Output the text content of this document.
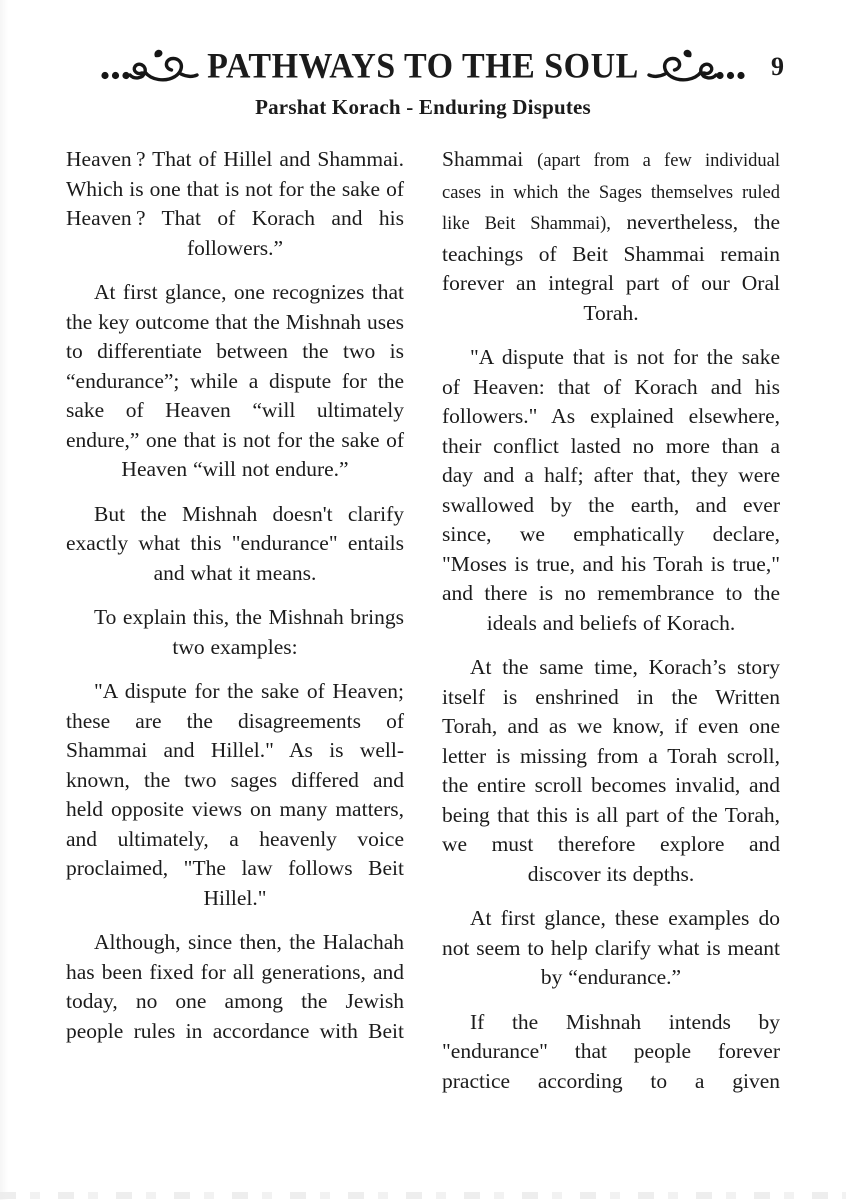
PATHWAYS TO THE SOUL	9
Parshat Korach - Enduring Disputes

Heaven ? That of Hillel and Shammai. Which is one that is not for the sake of Heaven ? That of Korach and his followers.”

At first glance, one recognizes that the key outcome that the Mishnah uses to differentiate between the two is “endurance”; while a dispute for the sake of Heaven “will ultimately endure,” one that is not for the sake of Heaven “will not endure.”

But the Mishnah doesn't clarify exactly what this "endurance" entails and what it means.

To explain this, the Mishnah brings two examples:

"A dispute for the sake of Heaven; these are the disagreements of Shammai and Hillel." As is well-known, the two sages differed and held opposite views on many matters, and ultimately, a heavenly voice proclaimed, "The law follows Beit Hillel."

Although, since then, the Halachah has been fixed for all generations, and today, no one among the Jewish people rules in accordance with Beit

Shammai (apart from a few individual cases in which the Sages themselves ruled like Beit Shammai), nevertheless, the teachings of Beit Shammai remain forever an integral part of our Oral Torah.

"A dispute that is not for the sake of Heaven: that of Korach and his followers." As explained elsewhere, their conflict lasted no more than a day and a half; after that, they were swallowed by the earth, and ever since, we emphatically declare, "Moses is true, and his Torah is true," and there is no remembrance to the ideals and beliefs of Korach.

At the same time, Korach’s story itself is enshrined in the Written Torah, and as we know, if even one letter is missing from a Torah scroll, the entire scroll becomes invalid, and being that this is all part of the Torah, we must therefore explore and discover its depths.

At first glance, these examples do not seem to help clarify what is meant by “endurance.”

If the Mishnah intends by "endurance" that people forever practice according to a given
